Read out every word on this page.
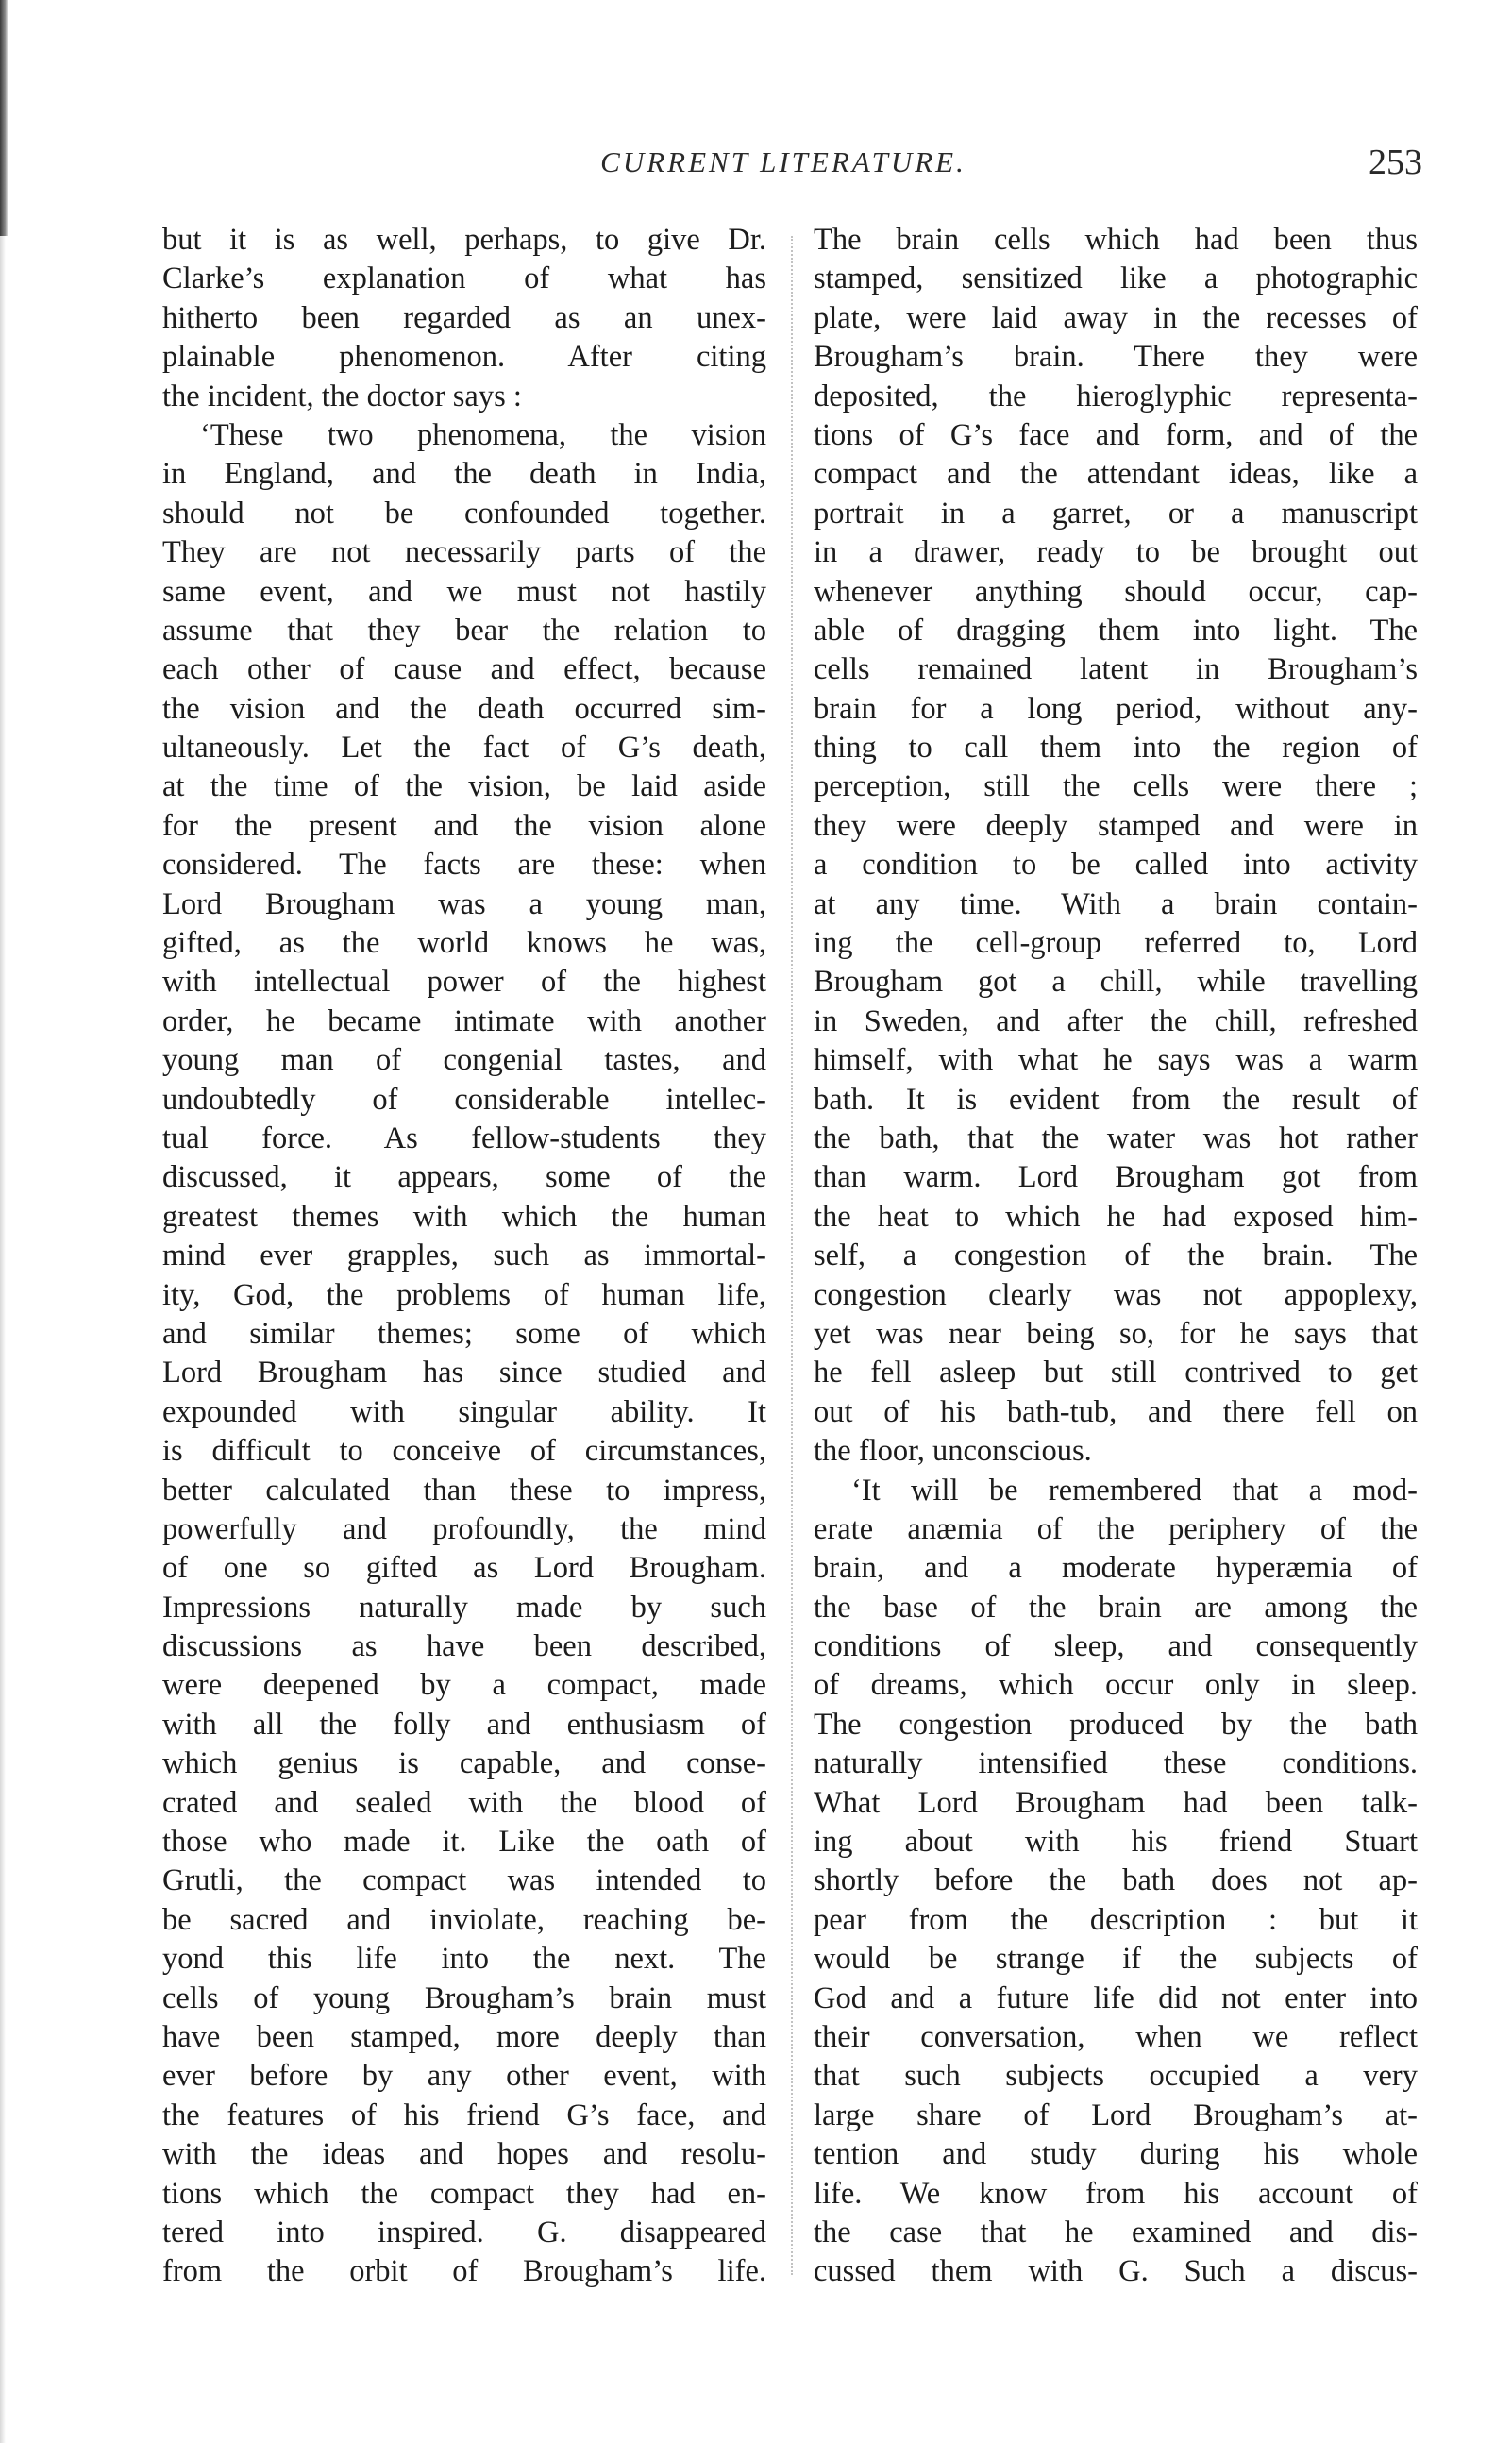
CURRENT LITERATURE.	253
but it is as well, perhaps, to give Dr.
Clarke’s explanation of what has
hitherto been regarded as an unex-
plainable phenomenon. After citing
the incident, the doctor says :
‘These two phenomena, the vision
in England, and the death in India,
should not be confounded together.
They are not necessarily parts of the
same event, and we must not hastily
assume that they bear the relation to
each other of cause and effect, because
the vision and the death occurred sim-
ultaneously. Let the fact of G’s death,
at the time of the vision, be laid aside
for the present and the vision alone
considered. The facts are these: when
Lord Brougham was a young man,
gifted, as the world knows he was,
with intellectual power of the highest
order, he became intimate with another
young man of congenial tastes, and
undoubtedly of considerable intellec-
tual force. As fellow-students they
discussed, it appears, some of the
greatest themes with which the human
mind ever grapples, such as immortal-
ity, God, the problems of human life,
and similar themes; some of which
Lord Brougham has since studied and
expounded with singular ability. It
is difficult to conceive of circumstances,
better calculated than these to impress,
powerfully and profoundly, the mind
of one so gifted as Lord Brougham.
Impressions naturally made by such
discussions as have been described,
were deepened by a compact, made
with all the folly and enthusiasm of
which genius is capable, and conse-
crated and sealed with the blood of
those who made it. Like the oath of
Grutli, the compact was intended to
be sacred and inviolate, reaching be-
yond this life into the next. The
cells of young Brougham’s brain must
have been stamped, more deeply than
ever before by any other event, with
the features of his friend G’s face, and
with the ideas and hopes and resolu-
tions which the compact they had en-
tered into inspired. G. disappeared
from the orbit of Brougham’s life.
The brain cells which had been thus
stamped, sensitized like a photographic
plate, were laid away in the recesses of
Brougham’s brain. There they were
deposited, the hieroglyphic representa-
tions of G’s face and form, and of the
compact and the attendant ideas, like a
portrait in a garret, or a manuscript
in a drawer, ready to be brought out
whenever anything should occur, cap-
able of dragging them into light. The
cells remained latent in Brougham’s
brain for a long period, without any-
thing to call them into the region of
perception, still the cells were there ;
they were deeply stamped and were in
a condition to be called into activity
at any time. With a brain contain-
ing the cell-group referred to, Lord
Brougham got a chill, while travelling
in Sweden, and after the chill, refreshed
himself, with what he says was a warm
bath. It is evident from the result of
the bath, that the water was hot rather
than warm. Lord Brougham got from
the heat to which he had exposed him-
self, a congestion of the brain. The
congestion clearly was not appoplexy,
yet was near being so, for he says that
he fell asleep but still contrived to get
out of his bath-tub, and there fell on
the floor, unconscious.
‘It will be remembered that a mod-
erate anæmia of the periphery of the
brain, and a moderate hyperæmia of
the base of the brain are among the
conditions of sleep, and consequently
of dreams, which occur only in sleep.
The congestion produced by the bath
naturally intensified these conditions.
What Lord Brougham had been talk-
ing about with his friend Stuart
shortly before the bath does not ap-
pear from the description : but it
would be strange if the subjects of
God and a future life did not enter into
their conversation, when we reflect
that such subjects occupied a very
large share of Lord Brougham’s at-
tention and study during his whole
life. We know from his account of
the case that he examined and dis-
cussed them with G. Such a discus-
